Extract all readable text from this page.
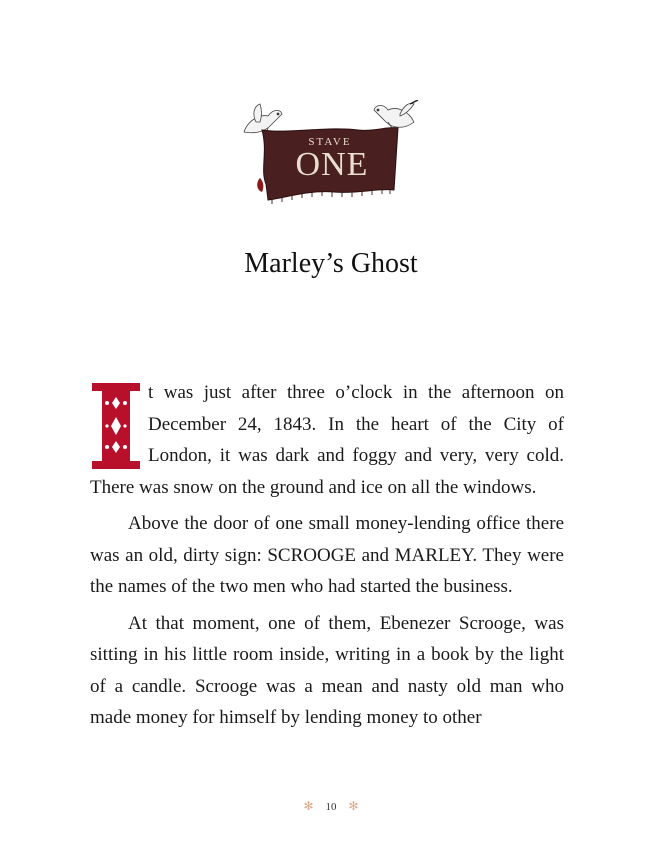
STAVE
ONE
Marley’s Ghost

t was just after three o’clock in the afternoon on December 24, 1843. In the heart of the City of London, it was dark and foggy and very, very cold. There was snow on the ground and ice on all the windows.

Above the door of one small money-lending office there was an old, dirty sign: SCROOGE and MARLEY. They were the names of the two men who had started the business.

At that moment, one of them, Ebenezer Scrooge, was sitting in his little room inside, writing in a book by the light of a candle. Scrooge was a mean and nasty old man who made money for himself by lending money to other

✻ 10 ✻
